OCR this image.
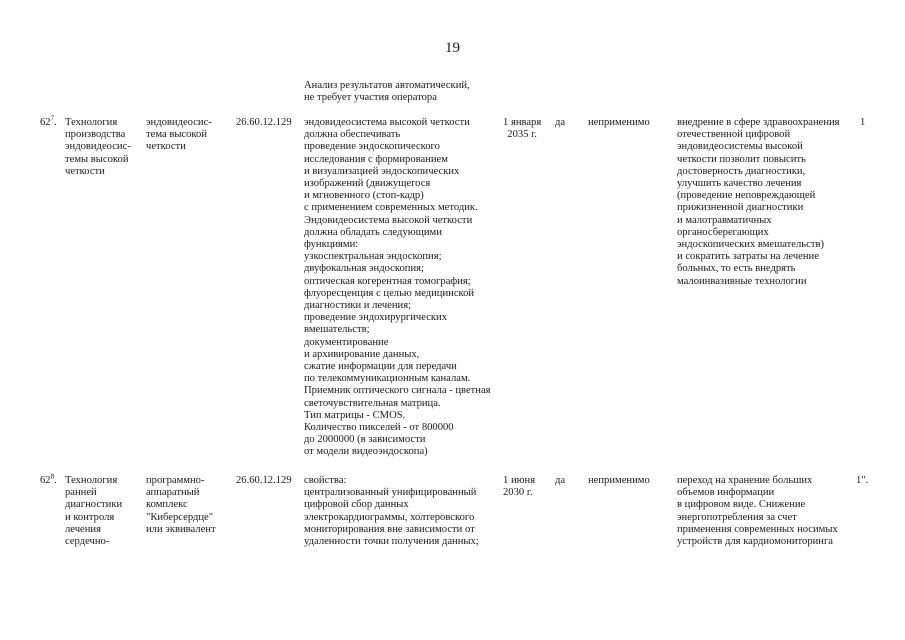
19
Анализ результатов автоматический,
не требует участия оператора
$62^7$. Технология
производства
эндовидеосис-
темы высокой
четкости
эндовидеосис-
тема высокой
четкости
26.60.12.129 эндовидеосистема высокой четкости
должна обеспечивать
проведение эндоскопического
исследования с формированием
и визуализацией эндоскопических
изображений (движущегося
и мгновенного (стоп-кадр)
с применением современных методик.
Эндовидеосистема высокой четкости
должна обладать следующими
функциями:
узкоспектральная эндоскопия;
двуфокальная эндоскопия;
оптическая когерентная томография;
флуоресценция с целью медицинской
диагностики и лечения;
проведение эндохирургических
вмешательств;
документирование
и архивирование данных,
сжатие информации для передачи
по телекоммуникационным каналам.
Приемник оптического сигнала - цветная
светочувствительная матрица.
Тип матрицы - CMOS.
Количество пикселей - от 800000
до 2000000 (в зависимости
от модели видеоэндоскопа)
1 января
2035 г.
да неприменимо	внедрение в сфере здравоохранения
отечественной цифровой
эндовидеосистемы высокой
четкости позволит повысить
достоверность диагностики,
улучшить качество лечения
(проведение неповреждающей
прижизненной диагностики
и малотравматичных
органосберегающих
эндоскопических вмешательств)
и сократить затраты на лечение
больных, то есть внедрять
малоинвазивные технологии
1
$62^8$. Технология
ранней
диагностики
и контроля
лечения
сердечно-
программно-
аппаратный
комплекс
"Киберсердце"
или эквивалент
26.60.12.129 свойства:
централизованный унифицированный
цифровой сбор данных
электрокардиограммы, холтеровского
мониторирования вне зависимости от
удаленности точки получения данных;
1 июня
2030 г.
да неприменимо	переход на хранение больших
объемов информации
в цифровом виде. Снижение
энергопотребления за счет
применения современных носимых
устройств для кардиомониторинга
1".
